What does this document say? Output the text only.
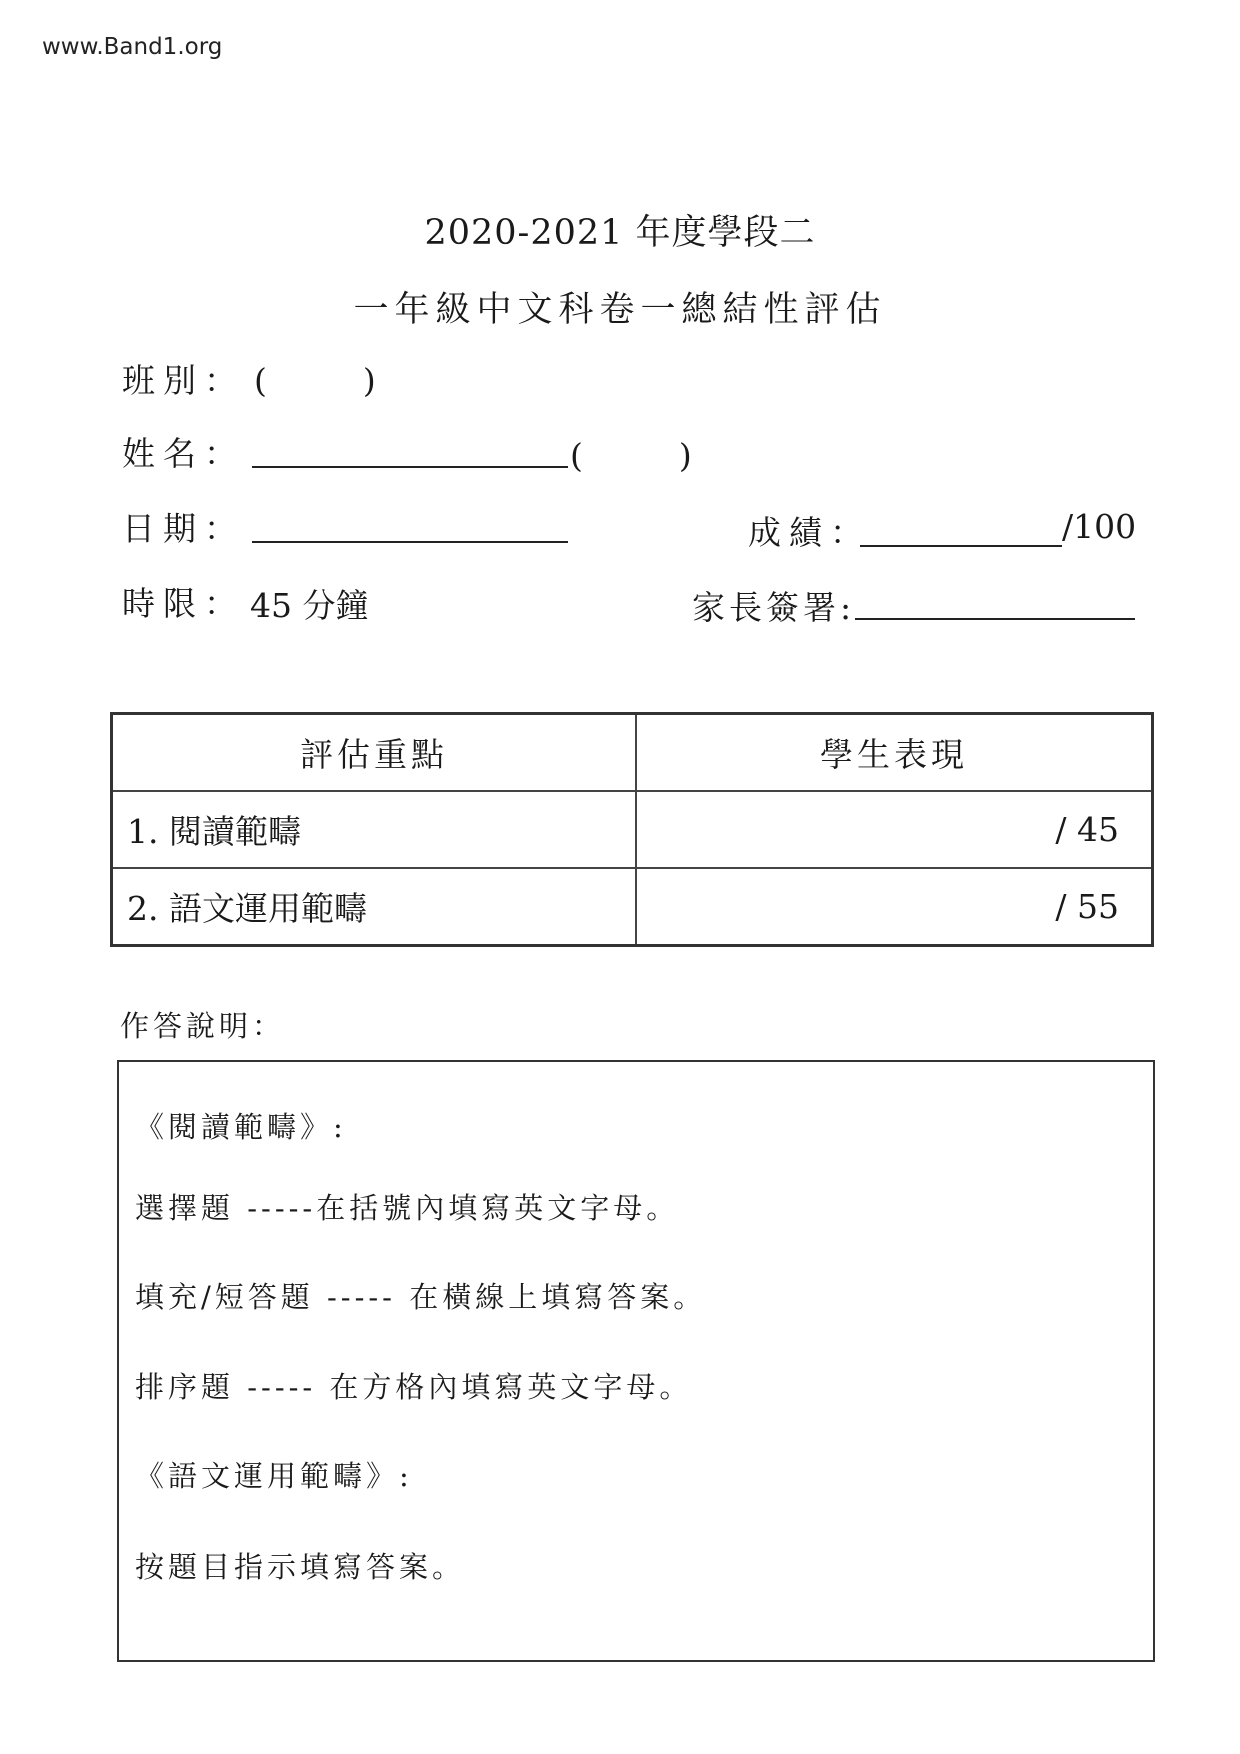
www.Band1.org
2020-2021 年度學段二
一年級中文科卷一總結性評估
班別： (　　)
姓名：	(　　)
日期：	成績：	/100
時限： 45 分鐘	家長簽署:
評估重點	學生表現
1. 閱讀範疇	/ 45
2. 語文運用範疇	/ 55
作答說明：
《閱讀範疇》:
選擇題 -----在括號內填寫英文字母。
填充/短答題 ----- 在橫線上填寫答案。
排序題 ----- 在方格內填寫英文字母。
《語文運用範疇》:
按題目指示填寫答案。
